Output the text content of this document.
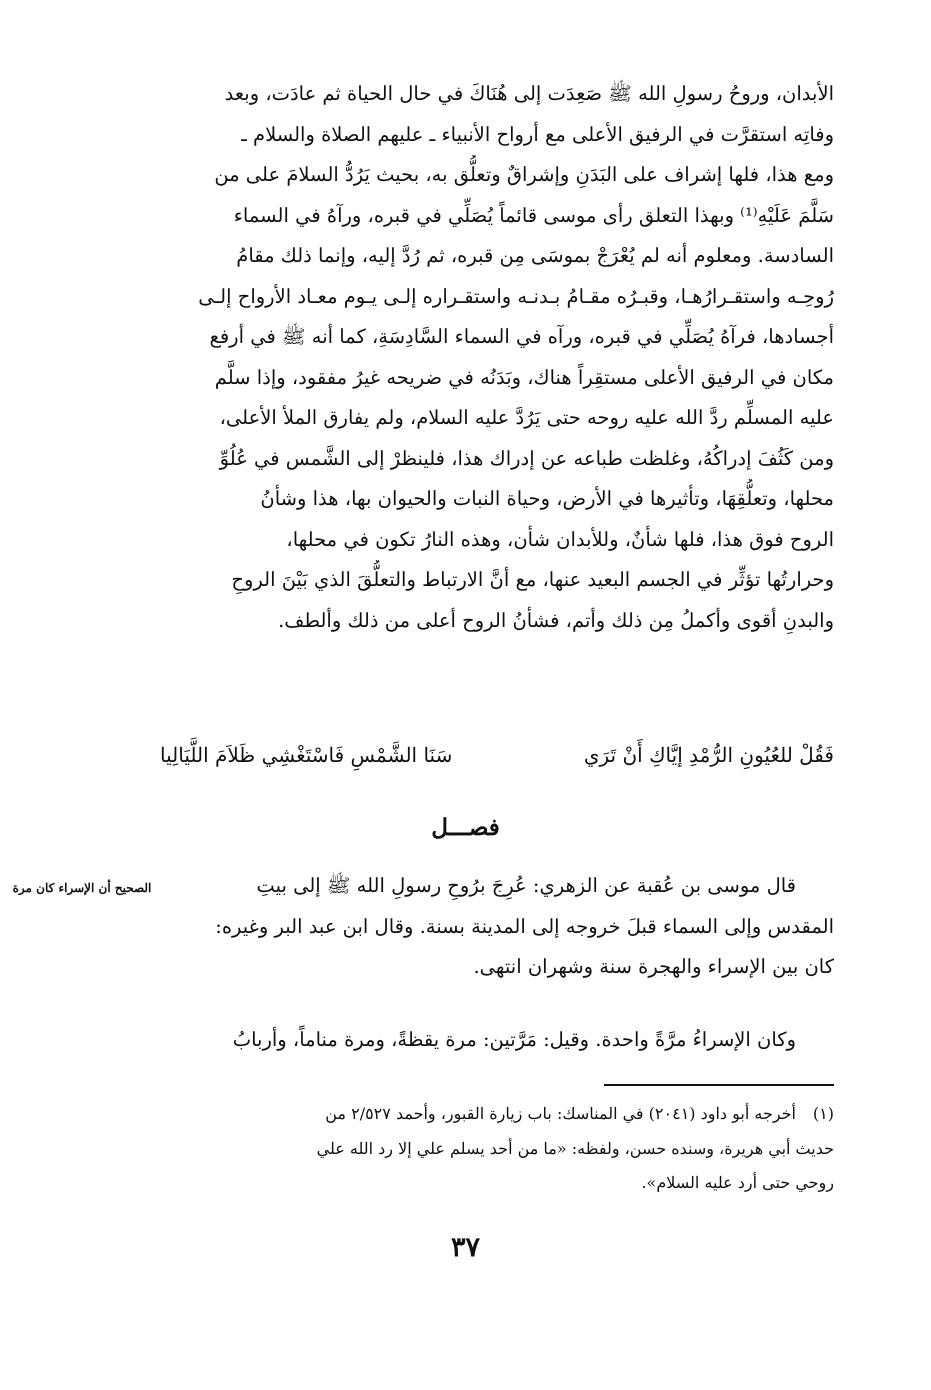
الأبدان، وروحُ رسولِ الله ﷺ صَعِدَت إلى هُنَاكَ في حال الحياة ثم عادَت، وبعد
وفاتِه استقرَّت في الرفيق الأعلى مع أرواح الأنبياء ـ عليهم الصلاة والسلام ـ
ومع هذا، فلها إشراف على البَدَنِ وإشراقٌ وتعلُّق به، بحيث يَرُدُّ السلامَ على من
سَلَّمَ عَلَيْهِ⁽¹⁾ وبهذا التعلق رأى موسى قائماً يُصَلِّي في قبره، ورآهُ في السماء
السادسة. ومعلوم أنه لم يُعْرَجْ بموسَى مِن قبره، ثم رُدَّ إليه، وإنما ذلك مقامُ
رُوحِـه واستقـرارُهـا، وقبـرُه مقـامُ بـدنـه واستقـراره إلـى يـوم معـاد الأرواح إلـى
أجسادها، فرآهُ يُصَلِّي في قبره، ورآه في السماء السَّادِسَةِ، كما أنه ﷺ في أرفع
مكان في الرفيق الأعلى مستقِراً هناك، وبَدَنُه في ضريحه غيرُ مفقود، وإذا سلَّم
عليه المسلِّم ردَّ الله عليه روحه حتى يَرُدَّ عليه السلام، ولم يفارق الملأ الأعلى،
ومن كَثُفَ إدراكُهُ، وغلظت طباعه عن إدراك هذا، فلينظرْ إلى الشَّمس في عُلُوِّ
محلها، وتعلُّقِهَا، وتأثيرها في الأرض، وحياة النبات والحيوان بها، هذا وشأنُ
الروح فوق هذا، فلها شأنٌ، وللأبدان شأن، وهذه النارُ تكون في محلها،
وحرارتُها تؤثِّر في الجسم البعيد عنها، مع أنَّ الارتباط والتعلُّقَ الذي بَيْنَ الروحِ
والبدنِ أقوى وأكملُ مِن ذلك وأتم، فشأنُ الروح أعلى من ذلك وألطف.
فَقُلْ للعُيُونِ الرُّمْدِ إيَّاكِ أَنْ تَرَي
سَنَا الشَّمْسِ فَاسْتَغْشِي ظَلاَمَ اللَّيَالِيا
فصـــل
الصحيح أن الإسراء كان مرة	قال موسى بن عُقبة عن الزهري: عُرِجَ برُوحِ رسولِ الله ﷺ إلى بيتِ
المقدس وإلى السماء قبلَ خروجه إلى المدينة بسنة. وقال ابن عبد البر وغيره:
كان بين الإسراء والهجرة سنة وشهران انتهى.
وكان الإسراءُ مرَّةً واحدة. وقيل: مَرَّتين: مرة يقظةً، ومرة مناماً، وأربابُ
(١)أخرجه أبو داود (٢٠٤١) في المناسك: باب زيارة القبور، وأحمد ٢/٥٢٧ من
حديث أبي هريرة، وسنده حسن، ولفظه: «ما من أحد يسلم علي إلا رد الله علي
روحي حتى أرد عليه السلام».
٣٧
